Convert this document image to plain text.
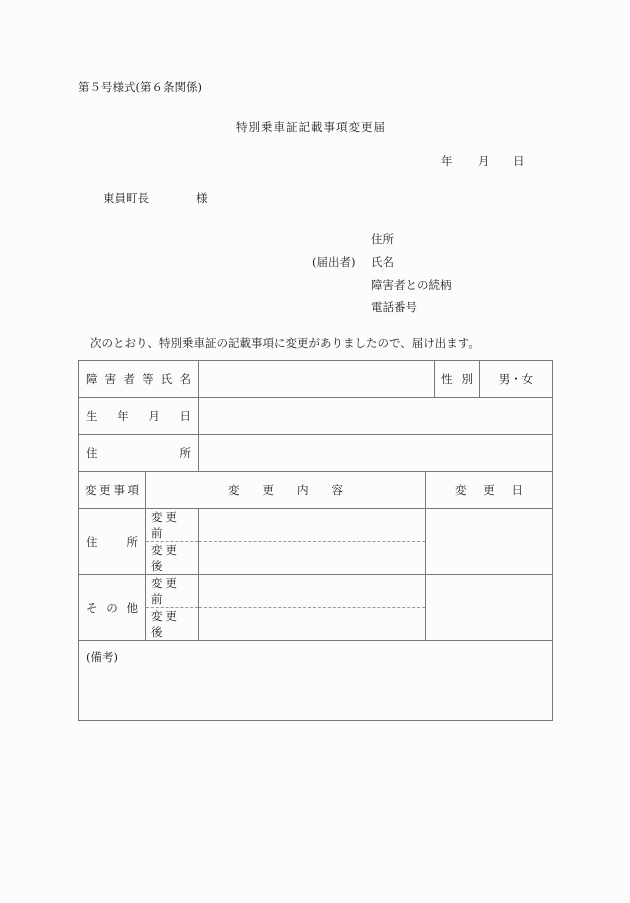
第５号様式(第６条関係)
特別乗車証記載事項変更届
年 月 日
東員町長	様
(届出者)
住所
氏名
障害者との続柄
電話番号
次のとおり、特別乗車証の記載事項に変更がありましたので、届け出ます。
障 害 者 等 氏 名		性 別	男・女

生 年 月 日					

住 所					

変 更 事 項	変 更 内 容		変 更 日		

住 所	変更前				
	変更後				

そ の 他	変更前				
	変更後				
(備考)					
